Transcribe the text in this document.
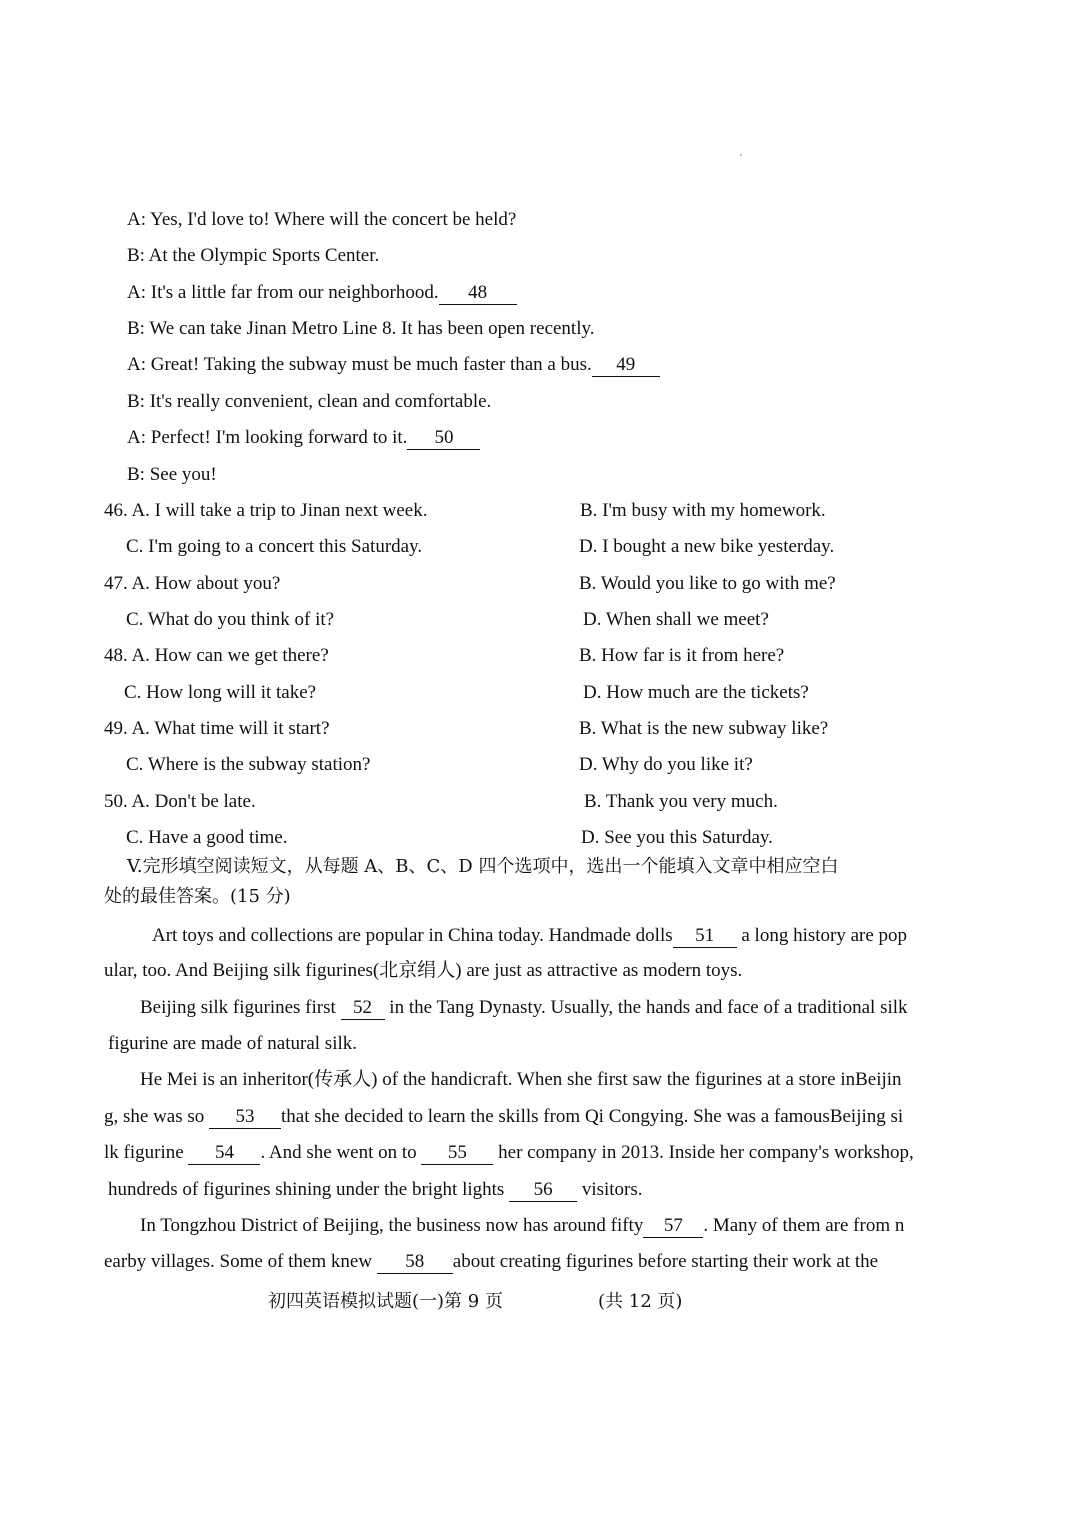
A: Yes, I'd love to! Where will the concert be held?
B: At the Olympic Sports Center.
A: It's a little far from our neighborhood. 48
B: We can take Jinan Metro Line 8. It has been open recently.
A: Great! Taking the subway must be much faster than a bus. 49
B: It's really convenient, clean and comfortable.
A: Perfect! I'm looking forward to it. 50
B: See you!
46. A. I will take a trip to Jinan next week.	B. I'm busy with my homework.
C. I'm going to a concert this Saturday.	D. I bought a new bike yesterday.
47. A. How about you?	B. Would you like to go with me?
C. What do you think of it?	D. When shall we meet?
48. A. How can we get there?	B. How far is it from here?
C. How long will it take?	D. How much are the tickets?
49. A. What time will it start?	B. What is the new subway like?
C. Where is the subway station?	D. Why do you like it?
50. A. Don't be late.	B. Thank you very much.
C. Have a good time.	D. See you this Saturday.
V.完形填空阅读短文，从每题 A、B、C、D 四个选项中，选出一个能填入文章中相应空白
处的最佳答案。(15 分)
Art toys and collections are popular in China today. Handmade dolls 51 a long history are pop
ular, too. And Beijing silk figurines(北京绢人) are just as attractive as modern toys.
Beijing silk figurines first 52 in the Tang Dynasty. Usually, the hands and face of a traditional silk
figurine are made of natural silk.
He Mei is an inheritor(传承人) of the handicraft. When she first saw the figurines at a store inBeijin
g, she was so 53 that she decided to learn the skills from Qi Congying. She was a famousBeijing si
lk figurine 54 . And she went on to 55 her company in 2013. Inside her company's workshop,
hundreds of figurines shining under the bright lights 56 visitors.
In Tongzhou District of Beijing, the business now has around fifty 57 . Many of them are from n
earby villages. Some of them knew 58 about creating figurines before starting their work at the
初四英语模拟试题(一)第 9 页	(共 12 页)
